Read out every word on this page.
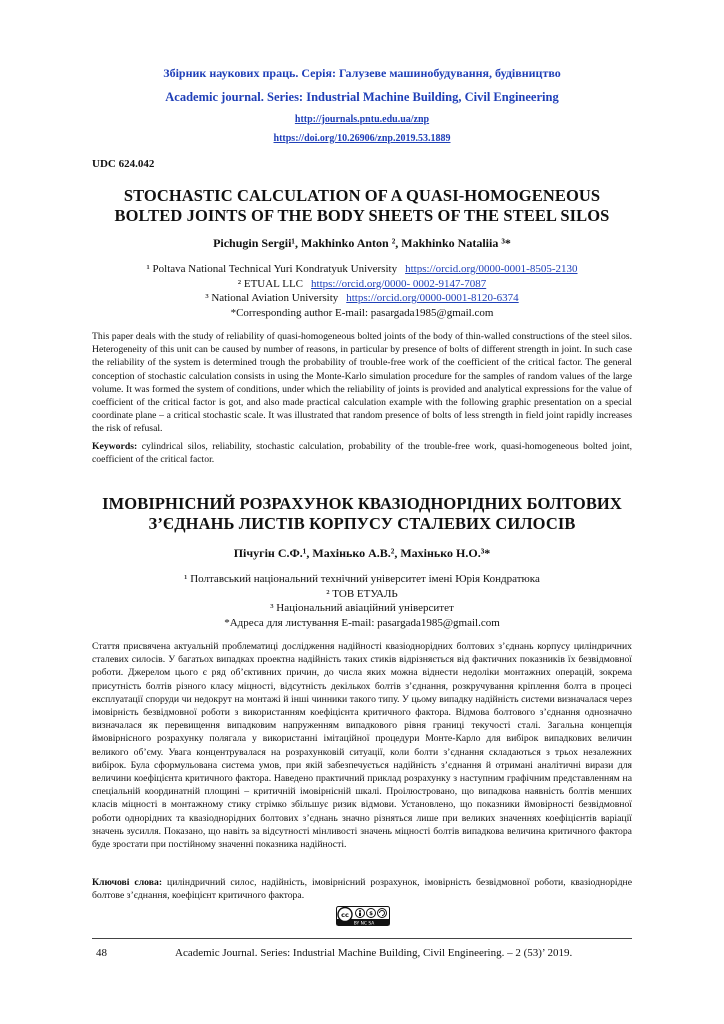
Збірник наукових праць. Серія: Галузеве машинобудування, будівництво
Academic journal. Series: Industrial Machine Building, Civil Engineering
http://journals.pntu.edu.ua/znp
https://doi.org/10.26906/znp.2019.53.1889
UDC 624.042
STOCHASTIC CALCULATION OF A QUASI-HOMOGENEOUS
BOLTED JOINTS OF THE BODY SHEETS OF THE STEEL SILOS
Pichugin Sergii¹, Makhinko Anton ², Makhinko Nataliia ³*
¹ Poltava National Technical Yuri Kondratyuk University https://orcid.org/0000-0001-8505-2130
² ETUAL LLC https://orcid.org/0000- 0002-9147-7087
³ National Aviation University https://orcid.org/0000-0001-8120-6374
*Corresponding author E-mail: pasargada1985@gmail.com

This paper deals with the study of reliability of quasi-homogeneous bolted joints of the body of thin-walled constructions of the steel silos. Heterogeneity of this unit can be caused by number of reasons, in particular by presence of bolts of different strength in joint. In such case the reliability of the system is determined trough the probability of trouble-free work of the coefficient of the critical factor. The general conception of stochastic calculation consists in using the Monte-Karlo simulation procedure for the samples of random values of the large volume. It was formed the system of conditions, under which the reliability of joints is provided and analytical expressions for the value of coefficient of the critical factor is got, and also made practical calculation example with the following graphic presentation on a special coordinate plane – a critical stochastic scale. It was illustrated that random presence of bolts of less strength in field joint rapidly increases the risk of refusal.

Keywords: cylindrical silos, reliability, stochastic calculation, probability of the trouble-free work, quasi-homogeneous bolted joint, coefficient of the critical factor.

ІМОВІРНІСНИЙ РОЗРАХУНОК КВАЗІОДНОРІДНИХ БОЛТОВИХ
З’ЄДНАНЬ ЛИСТІВ КОРПУСУ СТАЛЕВИХ СИЛОСІВ
Пічугін С.Ф.¹, Махінько А.В.², Махінько Н.О.³*
¹ Полтавський національний технічний університет імені Юрія Кондратюка
² ТОВ ЕТУАЛЬ
³ Національний авіаційний університет
*Адреса для листування E-mail: pasargada1985@gmail.com

Стаття присвячена актуальній проблематиці дослідження надійності квазіоднорідних болтових з’єднань корпусу циліндричних сталевих силосів. У багатьох випадках проектна надійність таких стиків відрізняється від фактичних показників їх безвідмовної роботи. Джерелом цього є ряд об’єктивних причин, до числа яких можна віднести недоліки монтажних операцій, зокрема присутність болтів різного класу міцності, відсутність декількох болтів з’єднання, розкручування кріплення болта в процесі експлуатації споруди чи недокрут на монтажі й інші чинники такого типу. У цьому випадку надійність системи визначалася через імовірність безвідмовної роботи з використанням коефіцієнта критичного фактора. Відмова болтового з’єднання однозначно визначалася як перевищення випадковим напруженням випадкового рівня границі текучості сталі. Загальна концепція ймовірнісного розрахунку полягала у використанні імітаційної процедури Монте-Карло для вибірок випадкових величин великого об’єму. Увага концентрувалася на розрахунковій ситуації, коли болти з’єднання складаються з трьох незалежних вибірок. Була сформульована система умов, при якій забезпечується надійність з’єднання й отримані аналітичні вирази для величини коефіцієнта критичного фактора. Наведено практичний приклад розрахунку з наступним графічним представленням на спеціальній координатній площині – критичній імовірнісній шкалі. Проілюстровано, що випадкова наявність болтів менших класів міцності в монтажному стику стрімко збільшує ризик відмови. Установлено, що показники ймовірності безвідмовної роботи однорідних та квазіоднорідних болтових з’єднань значно різняться лише при великих значеннях коефіцієнтів варіації значень зусилля. Показано, що навіть за відсутності мінливості значень міцності болтів випадкова величина критичного фактора буде зростати при постійному значенні показника надійності.

Ключові слова: циліндричний силос, надійність, імовірнісний розрахунок, імовірність безвідмовної роботи, квазіоднорідне болтове з’єднання, коефіцієнт критичного фактора.

cc	$
BY NC SA
48	Academic Journal. Series: Industrial Machine Building, Civil Engineering. – 2 (53)’ 2019.
